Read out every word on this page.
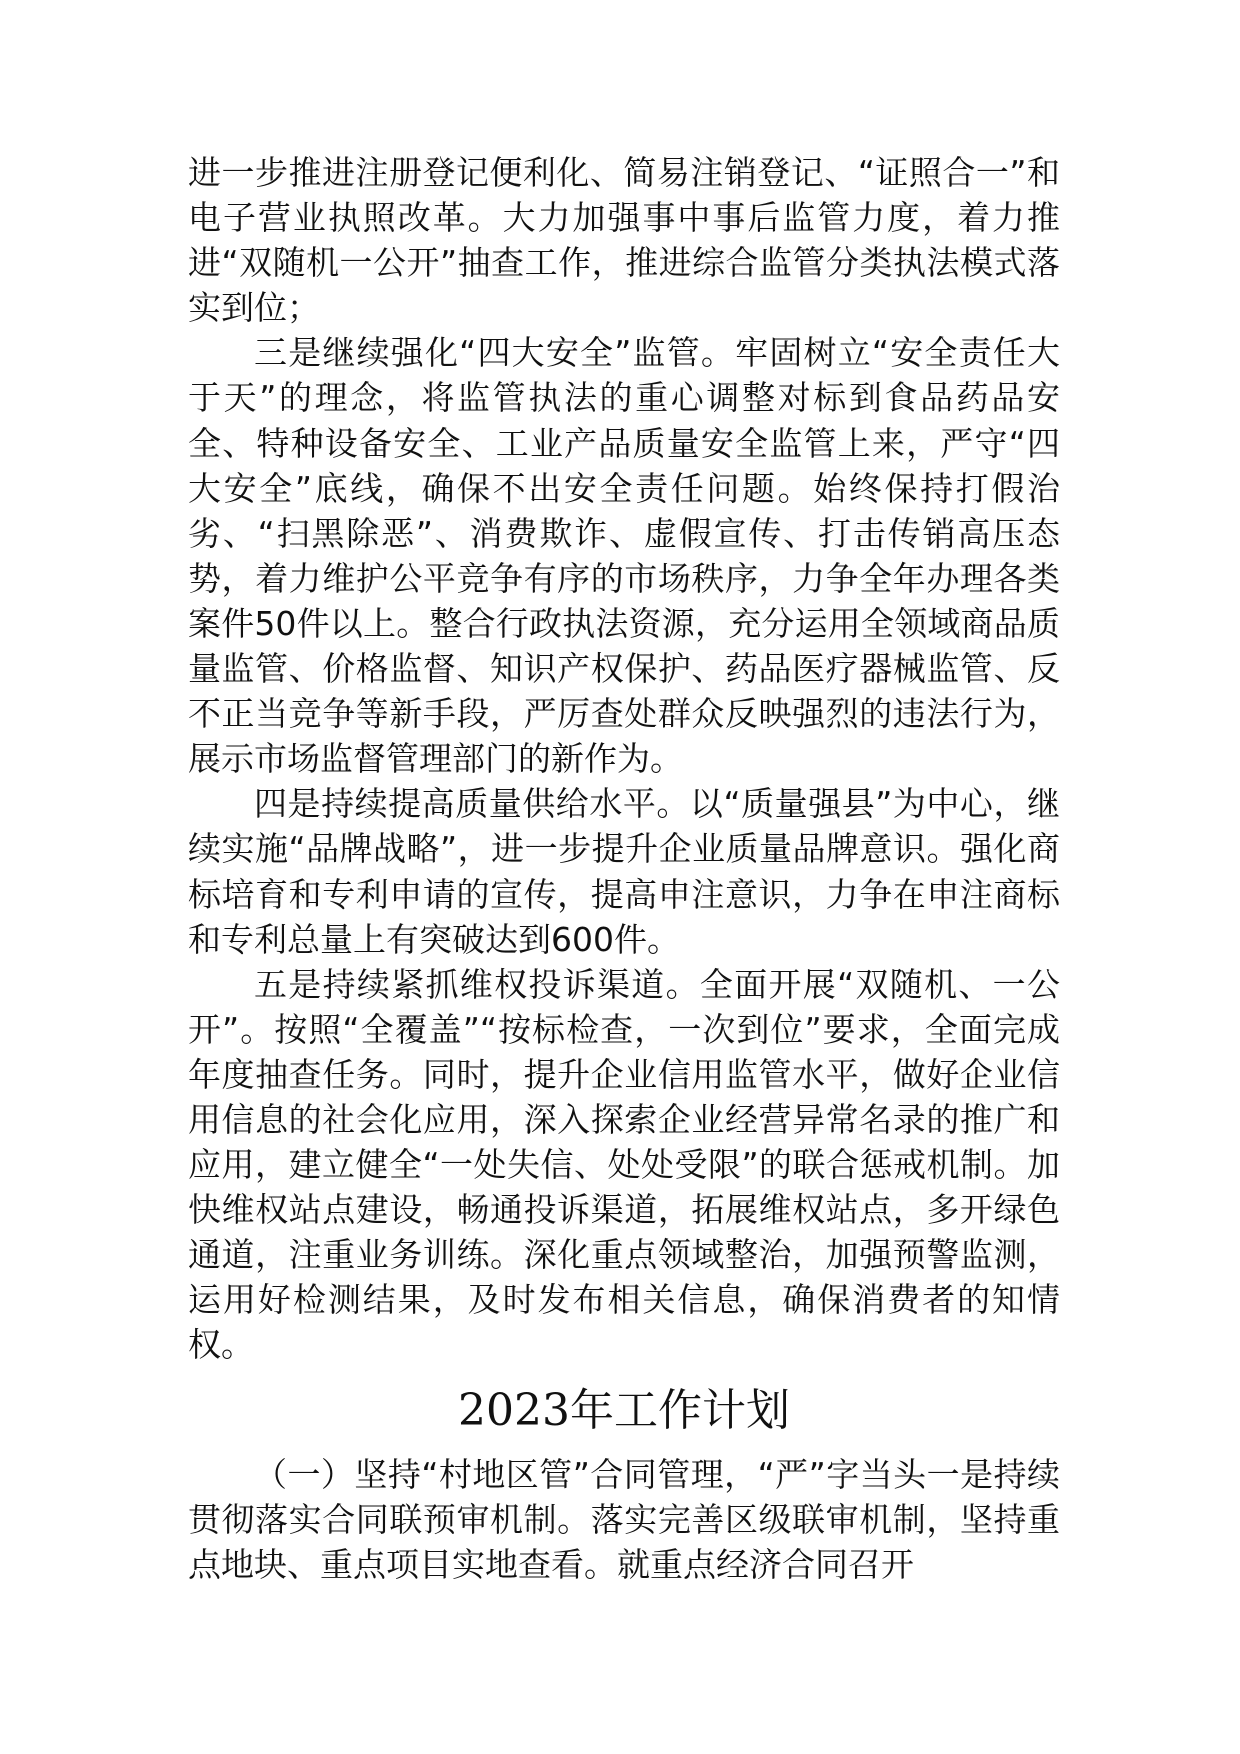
进一步推进注册登记便利化、简易注销登记、“证照合一”和电子营业执照改革。大力加强事中事后监管力度，着力推进“双随机一公开”抽查工作，推进综合监管分类执法模式落实到位；

三是继续强化“四大安全”监管。牢固树立“安全责任大于天”的理念，将监管执法的重心调整对标到食品药品安全、特种设备安全、工业产品质量安全监管上来，严守“四大安全”底线，确保不出安全责任问题。始终保持打假治劣、“扫黑除恶”、消费欺诈、虚假宣传、打击传销高压态势，着力维护公平竞争有序的市场秩序，力争全年办理各类案件50件以上。整合行政执法资源，充分运用全领域商品质量监管、价格监督、知识产权保护、药品医疗器械监管、反不正当竞争等新手段，严厉查处群众反映强烈的违法行为，展示市场监督管理部门的新作为。

四是持续提高质量供给水平。以“质量强县”为中心，继续实施“品牌战略”，进一步提升企业质量品牌意识。强化商标培育和专利申请的宣传，提高申注意识，力争在申注商标和专利总量上有突破达到600件。

五是持续紧抓维权投诉渠道。全面开展“双随机、一公开”。按照“全覆盖”“按标检查，一次到位”要求，全面完成年度抽查任务。同时，提升企业信用监管水平，做好企业信用信息的社会化应用，深入探索企业经营异常名录的推广和应用，建立健全“一处失信、处处受限”的联合惩戒机制。加快维权站点建设，畅通投诉渠道，拓展维权站点，多开绿色通道，注重业务训练。深化重点领域整治，加强预警监测，运用好检测结果，及时发布相关信息，确保消费者的知情权。

2023年工作计划

（一）坚持“村地区管”合同管理，“严”字当头一是持续贯彻落实合同联预审机制。落实完善区级联审机制，坚持重点地块、重点项目实地查看。就重点经济合同召开
